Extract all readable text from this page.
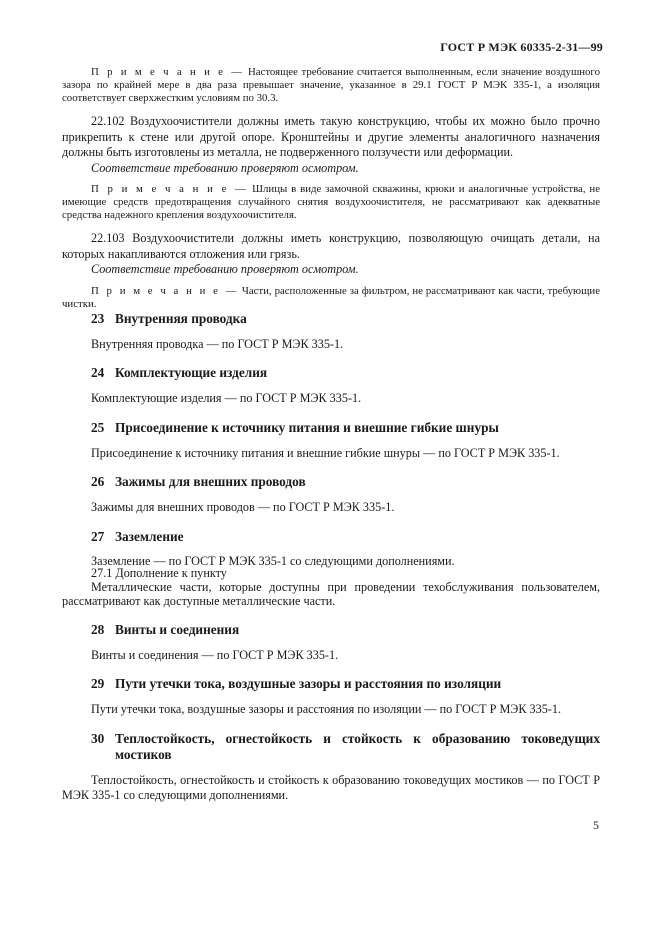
ГОСТ Р МЭК 60335-2-31—99

П р и м е ч а н и е — Настоящее требование считается выполненным, если значение воздушного зазора по крайней мере в два раза превышает значение, указанное в 29.1 ГОСТ Р МЭК 335-1, а изоляция соответствует сверхжестким условиям по 30.3.

22.102 Воздухоочистители должны иметь такую конструкцию, чтобы их можно было прочно прикрепить к стене или другой опоре. Кронштейны и другие элементы аналогичного назначения должны быть изготовлены из металла, не подверженного ползучести или деформации.

Соответствие требованию проверяют осмотром.

П р и м е ч а н и е — Шлицы в виде замочной скважины, крюки и аналогичные устройства, не имеющие средств предотвращения случайного снятия воздухоочистителя, не рассматривают как адекватные средства надежного крепления воздухоочистителя.

22.103 Воздухоочистители должны иметь конструкцию, позволяющую очищать детали, на которых накапливаются отложения или грязь.

Соответствие требованию проверяют осмотром.

П р и м е ч а н и е — Части, расположенные за фильтром, не рассматривают как части, требующие чистки.

23 Внутренняя проводка

Внутренняя проводка — по ГОСТ Р МЭК 335-1.

24 Комплектующие изделия

Комплектующие изделия — по ГОСТ Р МЭК 335-1.

25 Присоединение к источнику питания и внешние гибкие шнуры

Присоединение к источнику питания и внешние гибкие шнуры — по ГОСТ Р МЭК 335-1.

26 Зажимы для внешних проводов

Зажимы для внешних проводов — по ГОСТ Р МЭК 335-1.

27 Заземление

Заземление — по ГОСТ Р МЭК 335-1 со следующими дополнениями.

27.1 Дополнение к пункту

Металлические части, которые доступны при проведении техобслуживания пользователем, рассматривают как доступные металлические части.

28 Винты и соединения

Винты и соединения — по ГОСТ Р МЭК 335-1.

29 Пути утечки тока, воздушные зазоры и расстояния по изоляции

Пути утечки тока, воздушные зазоры и расстояния по изоляции — по ГОСТ Р МЭК 335-1.

30 Теплостойкость, огнестойкость и стойкость к образованию токоведущих мостиков

Теплостойкость, огнестойкость и стойкость к образованию токоведущих мостиков — по ГОСТ Р МЭК 335-1 со следующими дополнениями.

5
